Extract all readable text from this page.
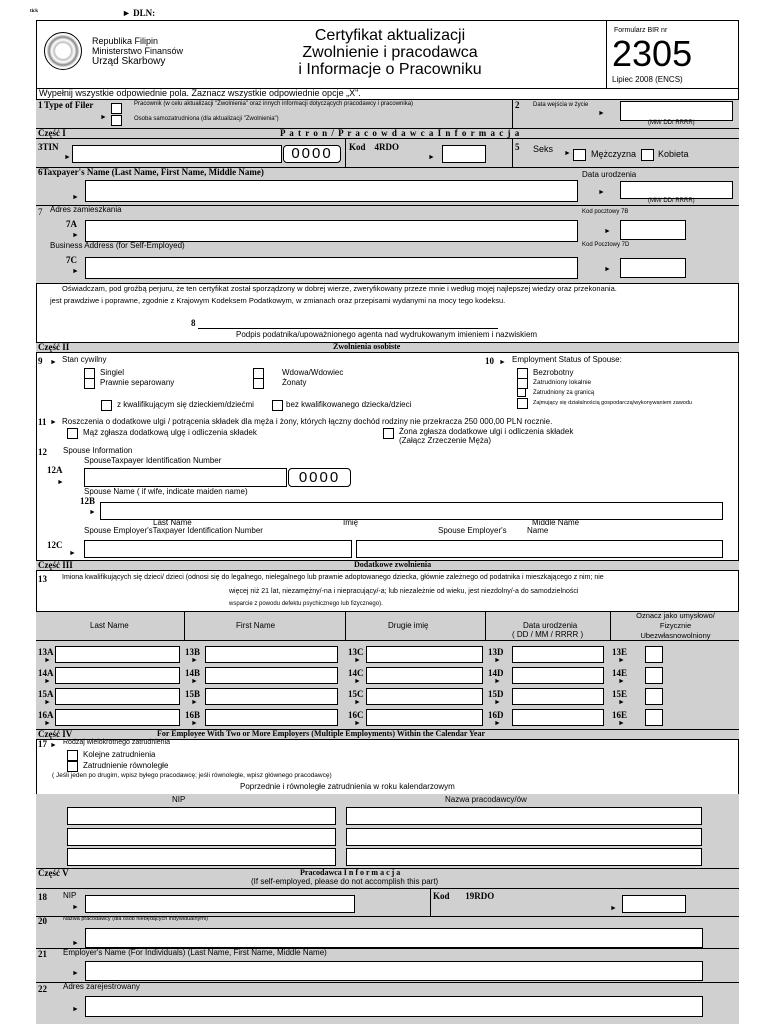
tick	► DLN:
Republika Filipin
Ministerstwo Finansów
Urząd Skarbowy
Certyfikat aktualizacji
Zwolnienie i pracodawca
i Informacje o Pracowniku
Formularz BIR nr
2305
Lipiec 2008 (ENCS)
Wypełnij wszystkie odpowiednie pola. Zaznacz wszystkie odpowiednie opcje „X".
1 Type of Filer	Pracownik (w celu aktualizacji "Zwolnienia" oraz innych informacji dotyczących pracodawcy i pracownika)
►	Osoba samozatrudniona (dla aktualizacji "Zwolnienia")
2 Data wejścia w życie
►
(MM/ DD/ RRRR)
Część I	P a t r o n / P r a c o w d a w c a I n f o r m a c j a
3TIN
►	0000	Kod 4RDO
►
5 Seks ► Mężczyzna Kobieta
6Taxpayer's Name (Last Name, First Name, Middle Name)
►
Data urodzenia
►
(MM/ DD/ RRRR)
7 Adres zamieszkania
7A
►
Kod pocztowy 7B
►
Business Address (for Self-Employed)
7C
►
Kod Pocztowy 7D
►
Oświadczam, pod groźbą perjuru, że ten certyfikat został sporządzony w dobrej wierze, zweryfikowany przeze mnie i według mojej najlepszej wiedzy oraz przekonania.
jest prawdziwe i poprawne, zgodnie z Krajowym Kodeksem Podatkowym, w zmianach oraz przepisami wydanymi na mocy tego kodeksu.
8
Podpis podatnika/upoważnionego agenta nad wydrukowanym imieniem i nazwiskiem
Część II	Zwolnienia osobiste
9 ► Stan cywilny
Singiel
Prawnie separowany
Wdowa/Wdowiec
Żonaty
z kwalifikującym się dzieckiem/dziećmi	bez kwalifikowanego dziecka/dzieci
10 ► Employment Status of Spouse:
Bezrobotny
Zatrudniony lokalnie
Zatrudniony za granicą
Zajmujący się działalnością gospodarczą/wykonywaniem zawodu
11 ► Roszczenia o dodatkowe ulgi / potrącenia składek dla męża i żony, których łączny dochód rodziny nie przekracza 250 000,00 PLN rocznie.
Mąż zgłasza dodatkową ulgę i odliczenia składek	Żona zgłasza dodatkowe ulgi i odliczenia składek
(Załącz Zrzeczenie Męża)
12 Spouse Information
SpouseTaxpayer Identification Number
12A
►	0000
Spouse Name ( if wife, indicate maiden name)
12B
►
Last Name	Imię	Middle Name
Spouse Employer'sTaxpayer Identification Number	Spouse Employer's	Name
12C
►
Część III	Dodatkowe zwolnienia
13 Imiona kwalifikujących się dzieci/ dzieci (odnosi się do legalnego, nielegalnego lub prawnie adoptowanego dziecka, głównie zależnego od podatnika i mieszkającego z nim; nie
więcej niż 21 lat, niezamężny/-na i niepracujący/-a; lub niezależnie od wieku, jest niezdolny/-a do samodzielności
wsparcie z powodu defektu psychicznego lub fizycznego).
Last Name	First Name	Drugie imię	Data urodzenia
( DD / MM / RRRR )
Oznacz jako umysłowo/
Fizycznie
Ubezwłasnowolniony
13A
►
13B
►
13C
►
13D
►
13E
►
14A
►
14B
►
14C
►
14D
►
14E
►
15A
►
15B
►
15C
►
15D
►
15E
►
16A
►
16B
►
16C
►
16D
►
16E
►
Część IV	For Employee With Two or More Employers (Multiple Employments) Within the Calendar Year
17 ► Rodzaj wielokrotnego zatrudnienia
Kolejne zatrudnienia
Zatrudnienie równoległe
( Jeśli jeden po drugim, wpisz byłego pracodawcę; jeśli równolegle, wpisz głównego pracodawcę)
Poprzednie i równoległe zatrudnienia w roku kalendarzowym
NIP	Nazwa pracodawcy/ów
Część V	Pracodawca I n f o r m a c j a
(If self-employed, please do not accomplish this part)
18 NIP
►
Kod 19RDO
►
20	Nazwa pracodawcy (dla osób niebędących indywidualnymi)
►
21 Employer's Name (For Individuals) (Last Name, First Name, Middle Name)
►
22 Adres zarejestrowany
►
